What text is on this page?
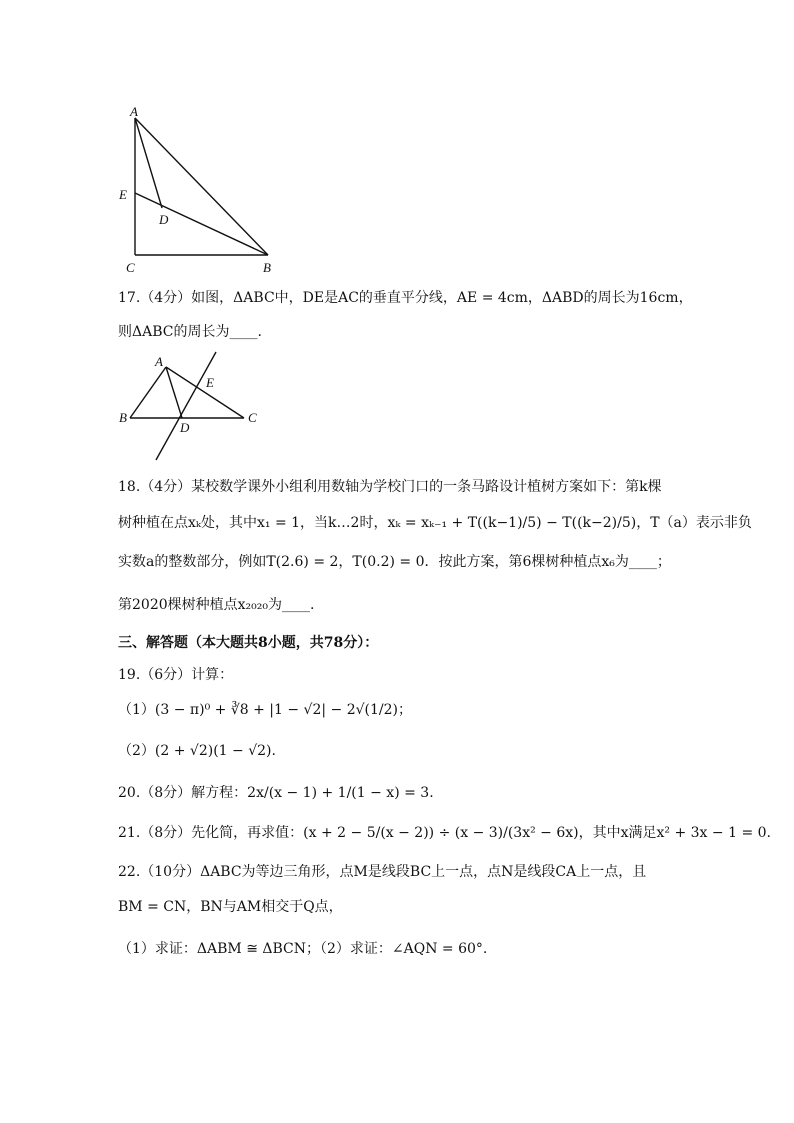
A
E
D
C	B
17.（4分）如图，ΔABC中，DE是AC的垂直平分线，AE = 4cm，ΔABD的周长为16cm，
则ΔABC的周长为____.
A
E
B
D
C
18.（4分）某校数学课外小组利用数轴为学校门口的一条马路设计植树方案如下：第k棵
树种植在点xₖ处，其中x₁ = 1，当k…2时，xₖ = xₖ₋₁ + T((k−1)/5) − T((k−2)/5)，T（a）表示非负
实数a的整数部分，例如T(2.6) = 2，T(0.2) = 0．按此方案，第6棵树种植点x₆为____；
第2020棵树种植点x₂₀₂₀为____.
三、解答题（本大题共8小题，共78分）：
19.（6分）计算：
（1）(3 − π)⁰ + ∛8 + |1 − √2| − 2√(1/2)；
（2）(2 + √2)(1 − √2).
20.（8分）解方程：2x/(x − 1) + 1/(1 − x) = 3.
21.（8分）先化简，再求值：(x + 2 − 5/(x − 2)) ÷ (x − 3)/(3x² − 6x)，其中x满足x² + 3x − 1 = 0.
22.（10分）ΔABC为等边三角形，点M是线段BC上一点，点N是线段CA上一点，且
BM = CN，BN与AM相交于Q点，
（1）求证：ΔABM ≅ ΔBCN；（2）求证：∠AQN = 60°.
